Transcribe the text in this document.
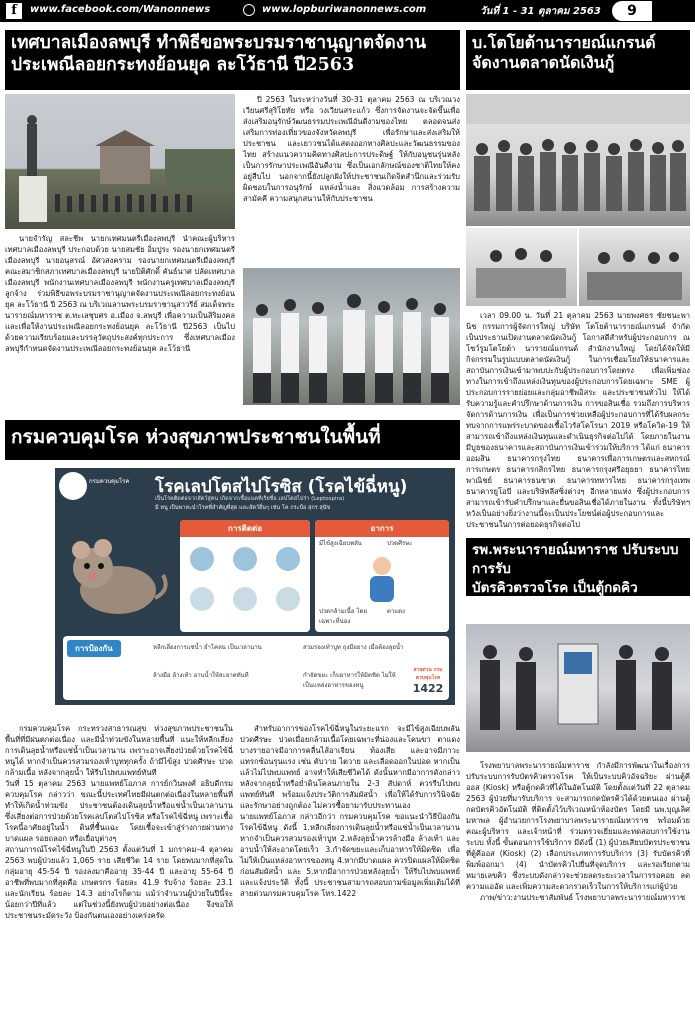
f	www.facebook.com/Wanonnews	www.lopburiwanonnews.com	วันที่ 1 - 31 ตุลาคม 2563	9
เทศบาลเมืองลพบุรี ทำพิธีขอพระบรมราชานุญาตจัดงาน
ประเพณีลอยกระทงย้อนยุค ละโว้ธานี ปี2563

นายจำรัญ สละชีพ นายกเทศมนตรีเมืองลพบุรี นำคณะผู้บริหารเทศบาลเมืองลพบุรี ประกอบด้วย นายสมชัย อิ่มปูระ รองนายกเทศมนตรีเมืองลพบุรี นายอนุสรณ์ อัศวสงคราม รองนายกเทศมนตรีเมืองลพบุรี คณะสมาชิกสภาเทศบาลเมืองลพบุรี นายปิติศักดิ์ คันธ์นาศ ปลัดเทศบาลเมืองลพบุรี พนักงานเทศบาลเมืองลพบุรี พนักงานครูเทศบาลเมืองลพบุรี ลูกจ้าง ร่วมพิธีขอพระบรมราชานุญาตจัดงานประเพณีลอยกระทงย้อนยุค ละโว้ธานี ปี 2563 ณ บริเวณลานพระบรมราชานุสาวรีย์ สมเด็จพระนารายณ์มหาราช ต.ทะเลชุบศร อ.เมือง จ.ลพบุรี เพื่อความเป็นสิริมงคลและเพื่อให้งานประเพณีลอยกระทงย้อนยุค ละโว้ธานี ปี2563 เป็นไปด้วยความเรียบร้อยและบรรลุวัตถุประสงค์ทุกประการ ซึ่งเทศบาลเมืองลพบุรีกำหนดจัดงานประเพณีลอยกระทงย้อนยุค ละโว้ธานี

ปี 2563 ในระหว่างวันที่ 30-31 ตุลาคม 2563 ณ บริเวณวงเวียนศรีสุริโยทัย หรือ วงเวียนสระแก้ว ซึ่งการจัดงานจะจัดขึ้นเพื่อส่งเสริมอนุรักษ์วัฒนธรรมประเพณีอันดีงามของไทย ตลอดจนส่งเสริมการท่องเที่ยวของจังหวัดลพบุรี เพื่อรักษาและส่งเสริมให้ประชาชน และเยาวชนได้แสดงออกทางศิลปะและวัฒนธรรมของไทย สร้างแนวความคิดทางศิลปะการประดิษฐ์ ให้กับอนุชนรุ่นหลัง เป็นการรักษาประเพณีอันดีงาม ซึ่งเป็นเอกลักษณ์ของชาติไทยให้คงอยู่สืบไป นอกจากนี้ยังปลูกฝังให้ประชาชนเกิดจิตสำนึกและร่วมรับผิดชอบในการอนุรักษ์ แหล่งน้ำและ สิ่งแวดล้อม การสร้างความสามัคคี ความสนุกสนานให้กับประชาชน

บ.โตโยต้านารายณ์แกรนด์
จัดงานตลาดนัดเงินกู้

เวลา 09.00 น. วันที่ 21 ตุลาคม 2563 นายพงศธร ชัยชนะพานิช กรรมการผู้จัดการใหญ่ บริษัท โตโยต้านารายณ์แกรนด์ จำกัด เป็นประธานเปิดงานตลาดนัดเงินกู้ โอกาสดีสำหรับผู้ประกอบการ ณ โชว์รูมโตโยต้า นารายณ์แกรนด์ สำนักงานใหญ่ โดยได้จัดให้มีกิจกรรมในรูปแบบตลาดนัดเงินกู้ ในการเชื่อมโยงให้ธนาคารและสถาบันการเงินเข้ามาพบปะกับผู้ประกอบการโดยตรง เพื่อเพิ่มช่องทางในการเข้าถึงแหล่งเงินทุนของผู้ประกอบการโดยเฉพาะ SME ผู้ประกอบการรายย่อยและกลุ่มอาชีพอิสระ และประชาชนทั่วไป ให้ได้รับความรู้และคำปรึกษาด้านการเงิน การขอสินเชื่อ รวมถึงการบริหารจัดการด้านการเงิน เพื่อเป็นการช่วยเหลือผู้ประกอบการที่ได้รับผลกระทบจากการแพร่ระบาดของเชื้อไวรัสโคโรนา 2019 หรือโควิด-19 ให้สามารถเข้าถึงแหล่งเงินทุนและดำเนินธุรกิจต่อไปได้ โดยภายในงานมีบูธของธนาคารและสถาบันการเงินเข้าร่วมให้บริการ ได้แก่ ธนาคารออมสิน ธนาคารกรุงไทย ธนาคารเพื่อการเกษตรและสหกรณ์การเกษตร ธนาคารกสิกรไทย ธนาคารกรุงศรีอยุธยา ธนาคารไทยพาณิชย์ ธนาคารธนชาต ธนาคารทหารไทย ธนาคารกรุงเทพ ธนาคารยูโอบี และบริษัทลีสซิ่งต่างๆ อีกหลายแห่ง ซึ่งผู้ประกอบการสามารถเข้ารับคำปรึกษาและยื่นขอสินเชื่อได้ภายในงาน ทั้งนี้บริษัทฯ หวังเป็นอย่างยิ่งว่างานนี้จะเป็นประโยชน์ต่อผู้ประกอบการและประชาชนในการต่อยอดธุรกิจต่อไป

กรมควบคุมโรค ห่วงสุขภาพประชาชนในพื้นที่
กรมควบคุมโรค	โรคเลปโตสไปโรซิส (โรคไข้ฉี่หนู)
เป็นโรคติดต่อจากสัตว์สู่คน เกิดจากเชื้อแบคทีเรียชื่อ เลปโตสไปร่า (Leptospira)
มี หนู เป็นพาหะนำโรคที่สำคัญที่สุด และสัตว์อื่นๆ เช่น โค กระบือ สุกร สุนัข
การติดต่อ	อาการ
มีไข้สูงเฉียบพลัน	ปวดศีรษะ
ปวดกล้ามเนื้อ โดยเฉพาะที่น่อง
ตาแดง
การป้องกัน	หลีกเลี่ยงการแช่น้ำ ย่ำโคลน เป็นเวลานาน	สวมรองเท้าบูท ถุงมือยาง เมื่อต้องลุยน้ำ
ล้างมือ ล้างเท้า อาบน้ำให้สะอาดทันที	กำจัดขยะ เก็บอาหารให้มิดชิด ไม่ให้เป็นแหล่งอาหารของหนู
สายด่วน กรมควบคุมโรค
1422

กรมควบคุมโรค กระทรวงสาธารณสุข ห่วงสุขภาพประชาชนในพื้นที่ที่มีฝนตกต่อเนื่อง และมีน้ำท่วมขังในหลายพื้นที่ แนะให้หลีกเลี่ยงการเดินลุยน้ำหรือแช่น้ำเป็นเวลานาน เพราะอาจเสี่ยงป่วยด้วยโรคไข้ฉี่หนูได้ หากจำเป็นควรสวมรองเท้าบูททุกครั้ง ถ้ามีไข้สูง ปวดศีรษะ ปวดกล้ามเนื้อ หลังจากลุยน้ำ ให้รีบไปพบแพทย์ทันที
วันที่ 15 ตุลาคม 2563 นายแพทย์โอภาส การย์กวินพงศ์ อธิบดีกรมควบคุมโรค กล่าวว่า ขณะนี้ประเทศไทยมีฝนตกต่อเนื่องในหลายพื้นที่ ทำให้เกิดน้ำท่วมขัง ประชาชนต้องเดินลุยน้ำหรือแช่น้ำเป็นเวลานาน ซึ่งเสี่ยงต่อการป่วยด้วยโรคเลปโตสไปโรซิส หรือโรคไข้ฉี่หนู เพราะเชื้อโรคนี้อาศัยอยู่ในน้ำ ดินที่ชื้นแฉะ โดยเชื้อจะเข้าสู่ร่างกายผ่านทางบาดแผล รอยถลอก หรือเยื่อบุต่างๆ
สถานการณ์โรคไข้ฉี่หนูในปี 2563 ตั้งแต่วันที่ 1 มกราคม–4 ตุลาคม 2563 พบผู้ป่วยแล้ว 1,065 ราย เสียชีวิต 14 ราย โดยพบมากที่สุดในกลุ่มอายุ 45-54 ปี รองลงมาคืออายุ 35-44 ปี และอายุ 55-64 ปี อาชีพที่พบมากที่สุดคือ เกษตรกร ร้อยละ 41.9 รับจ้าง ร้อยละ 23.1 และนักเรียน ร้อยละ 14.3 อย่างไรก็ตาม แม้ว่าจำนวนผู้ป่วยในปีนี้จะน้อยกว่าปีที่แล้ว แต่ในช่วงนี้ยังพบผู้ป่วยอย่างต่อเนื่อง จึงขอให้ประชาชนระมัดระวัง ป้องกันตนเองอย่างเคร่งครัด

สำหรับอาการของโรคไข้ฉี่หนูในระยะแรก จะมีไข้สูงเฉียบพลัน ปวดศีรษะ ปวดเมื่อยกล้ามเนื้อโดยเฉพาะที่น่องและโคนขา ตาแดง บางรายอาจมีอาการคลื่นไส้อาเจียน ท้องเสีย และอาจมีภาวะแทรกซ้อนรุนแรง เช่น ตับวาย ไตวาย และเลือดออกในปอด หากเป็นแล้วไม่ไปพบแพทย์ อาจทำให้เสียชีวิตได้ ดังนั้นหากมีอาการดังกล่าวหลังจากลุยน้ำหรือย่ำดินโคลนภายใน 2-3 สัปดาห์ ควรรีบไปพบแพทย์ทันที พร้อมแจ้งประวัติการสัมผัสน้ำ เพื่อให้ได้รับการวินิจฉัยและรักษาอย่างถูกต้อง ไม่ควรซื้อยามารับประทานเอง
นายแพทย์โอภาส กล่าวอีกว่า กรมควบคุมโรค ขอแนะนำวิธีป้องกันโรคไข้ฉี่หนู ดังนี้ 1.หลีกเลี่ยงการเดินลุยน้ำหรือแช่น้ำเป็นเวลานาน หากจำเป็นควรสวมรองเท้าบูท 2.หลังลุยน้ำควรล้างมือ ล้างเท้า และอาบน้ำให้สะอาดโดยเร็ว 3.กำจัดขยะและเก็บอาหารให้มิดชิด เพื่อไม่ให้เป็นแหล่งอาหารของหนู 4.หากมีบาดแผล ควรปิดแผลให้มิดชิดก่อนสัมผัสน้ำ และ 5.หากมีอาการป่วยหลังลุยน้ำ ให้รีบไปพบแพทย์และแจ้งประวัติ ทั้งนี้ ประชาชนสามารถสอบถามข้อมูลเพิ่มเติมได้ที่สายด่วนกรมควบคุมโรค โทร.1422

รพ.พระนารายณ์มหาราช ปรับระบบการรับ
บัตรคิวตรวจโรค เป็นตู้กดคิวอัตโนมัติ

โรงพยาบาลพระนารายณ์มหาราช กำลังมีการพัฒนาในเรื่องการปรับระบบการรับบัตรคิวตรวจโรค ให้เป็นระบบคิวอัจฉริยะ ผ่านตู้คีออส (Kiosk) หรือตู้กดคิวที่ได้ในอัตโนมัติ โดยตั้งแต่วันที่ 22 ตุลาคม 2563 ผู้ป่วยที่มารับบริการ จะสามารถกดบัตรคิวได้ด้วยตนเอง ผ่านตู้กดบัตรคิวอัตโนมัติ ที่ติดตั้งไว้บริเวณหน้าห้องบัตร โดยมี นพ.บุญเลิศ มหาพล ผู้อำนวยการโรงพยาบาลพระนารายณ์มหาราช พร้อมด้วยคณะผู้บริหาร และเจ้าหน้าที่ ร่วมตรวจเยี่ยมและทดสอบการใช้งานระบบ ทั้งนี้ ขั้นตอนการใช้บริการ มีดังนี้ (1) ผู้ป่วยเสียบบัตรประชาชนที่ตู้คีออส (Kiosk) (2) เลือกประเภทการรับบริการ (3) รับบัตรคิวที่พิมพ์ออกมา (4) นำบัตรคิวไปยื่นที่จุดบริการ และรอเรียกตามหมายเลขคิว ซึ่งระบบดังกล่าวจะช่วยลดระยะเวลาในการรอคอย ลดความแออัด และเพิ่มความสะดวกรวดเร็วในการให้บริการแก่ผู้ป่วย

ภาพ/ข่าว:งานประชาสัมพันธ์ โรงพยาบาลพระนารายณ์มหาราช
